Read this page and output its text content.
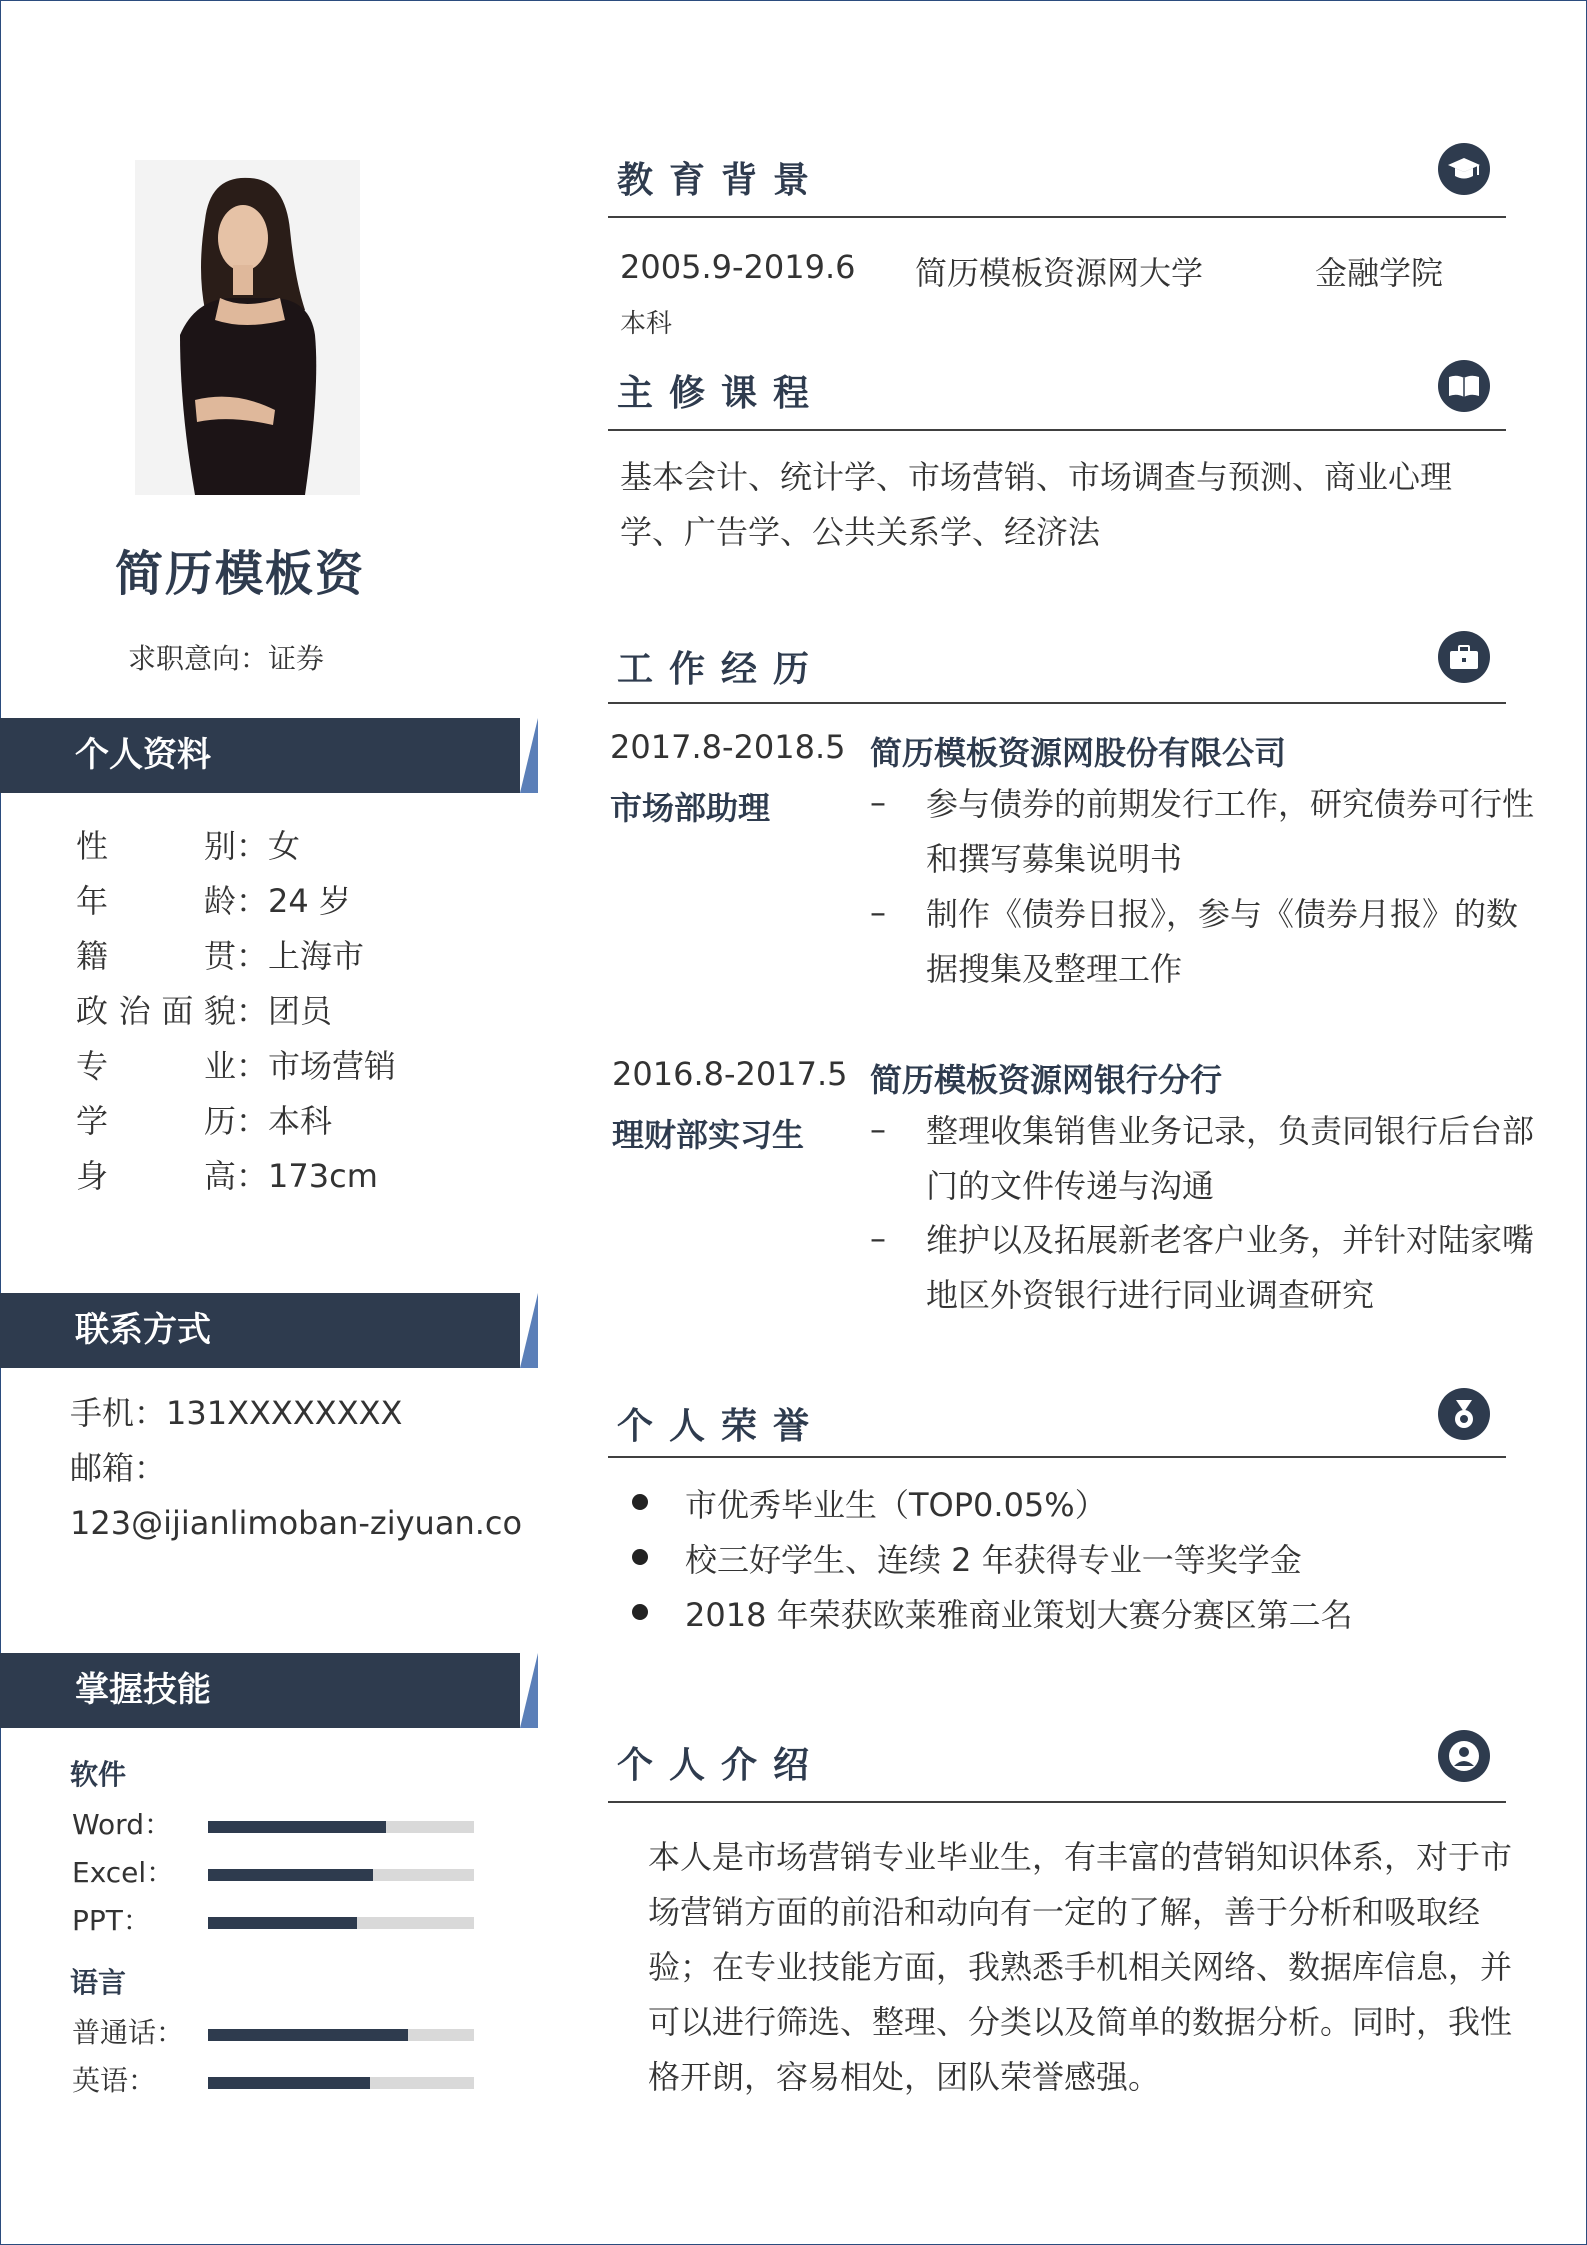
简历模板资
求职意向：证券
个人资料
性别：女
年龄：24 岁
籍贯：上海市
政治面貌：团员
专业：市场营销
学历：本科
身高：173cm
联系方式
手机：131XXXXXXXX
邮箱：
123@ijianlimoban-ziyuan.co
掌握技能
软件
Word：
Excel：
PPT：
语言
普通话：
英语：
教育背景
2005.9-2019.6 简历模板资源网大学	金融学院
本科
主修课程
基本会计、统计学、市场营销、市场调查与预测、商业心理学、广告学、公共关系学、经济法
工作经历
2017.8-2018.5 简历模板资源网股份有限公司
市场部助理	– 参与债券的前期发行工作，研究债券可行性和撰写募集说明书
– 制作《债券日报》，参与《债券月报》的数据搜集及整理工作
2016.8-2017.5 简历模板资源网银行分行
理财部实习生 – 整理收集销售业务记录，负责同银行后台部门的文件传递与沟通
– 维护以及拓展新老客户业务，并针对陆家嘴地区外资银行进行同业调查研究
个人荣誉
市优秀毕业生（TOP0.05%）
校三好学生、连续 2 年获得专业一等奖学金
2018 年荣获欧莱雅商业策划大赛分赛区第二名
个人介绍
本人是市场营销专业毕业生，有丰富的营销知识体系，对于市场营销方面的前沿和动向有一定的了解，善于分析和吸取经验；在专业技能方面，我熟悉手机相关网络、数据库信息，并可以进行筛选、整理、分类以及简单的数据分析。同时，我性格开朗，容易相处，团队荣誉感强。
